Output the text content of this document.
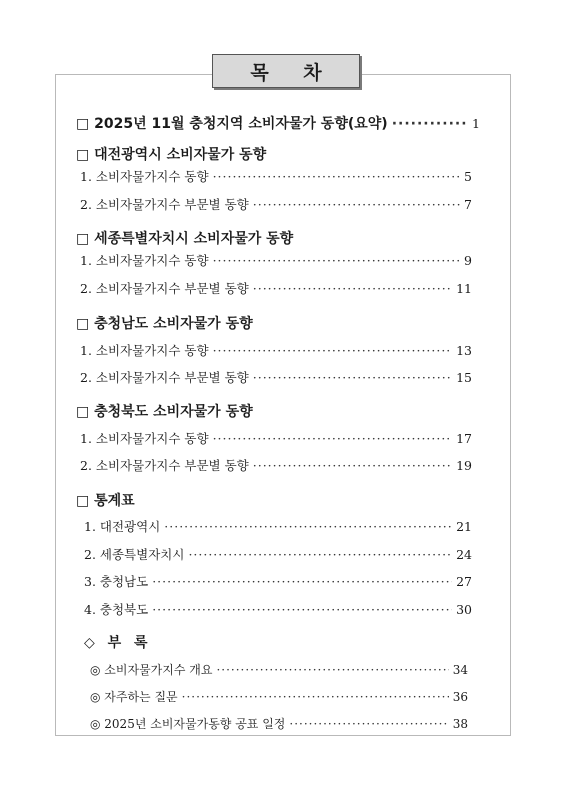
목 차
□ 2025년 11월 충청지역 소비자물가 동향(요약) ·····	1
□ 대전광역시 소비자물가 동향
1. 소비자물가지수 동향 ·····	5
2. 소비자물가지수 부문별 동향 ·····	7
□ 세종특별자치시 소비자물가 동향
1. 소비자물가지수 동향 ·····	9
2. 소비자물가지수 부문별 동향 ·····	11
□ 충청남도 소비자물가 동향
1. 소비자물가지수 동향 ·····	13
2. 소비자물가지수 부문별 동향 ·····	15
□ 충청북도 소비자물가 동향
1. 소비자물가지수 동향 ·····	17
2. 소비자물가지수 부문별 동향 ·····	19
□ 통계표
1. 대전광역시 ·····	21
2. 세종특별자치시 ·····	24
3. 충청남도 ·····	27
4. 충청북도 ·····	30
◇ 부 록
◎ 소비자물가지수 개요 ·····	34
◎ 자주하는 질문 ·····	36
◎ 2025년 소비자물가동향 공표 일정 ·····	38
